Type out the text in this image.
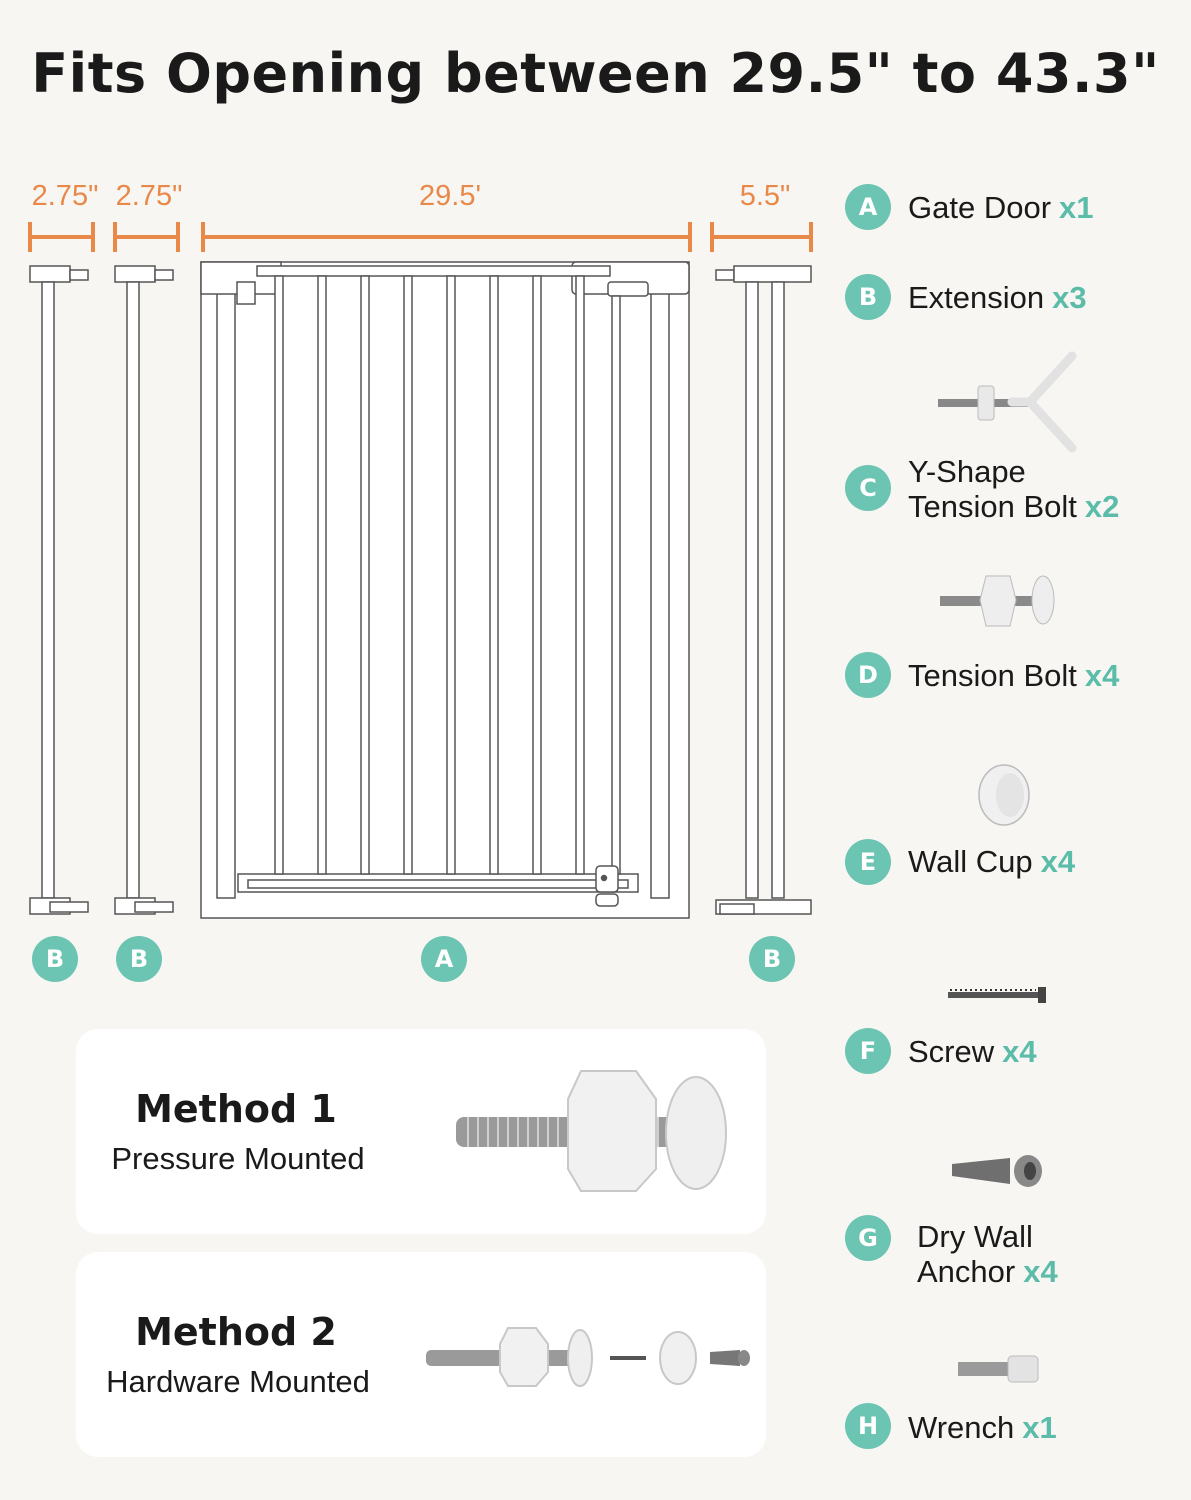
Fits Opening between 29.5" to 43.3"
2.75" 2.75"	29.5'	5.5"
B	B	A	B
A Gate Door x1
B Extension x3
C	Y-Shape
Tension Bolt x2
D Tension Bolt x4
E	Wall Cup x4
F	Screw x4
G	Dry Wall
Anchor x4
H Wrench x1
Method 1
Pressure Mounted
Method 2
Hardware Mounted
